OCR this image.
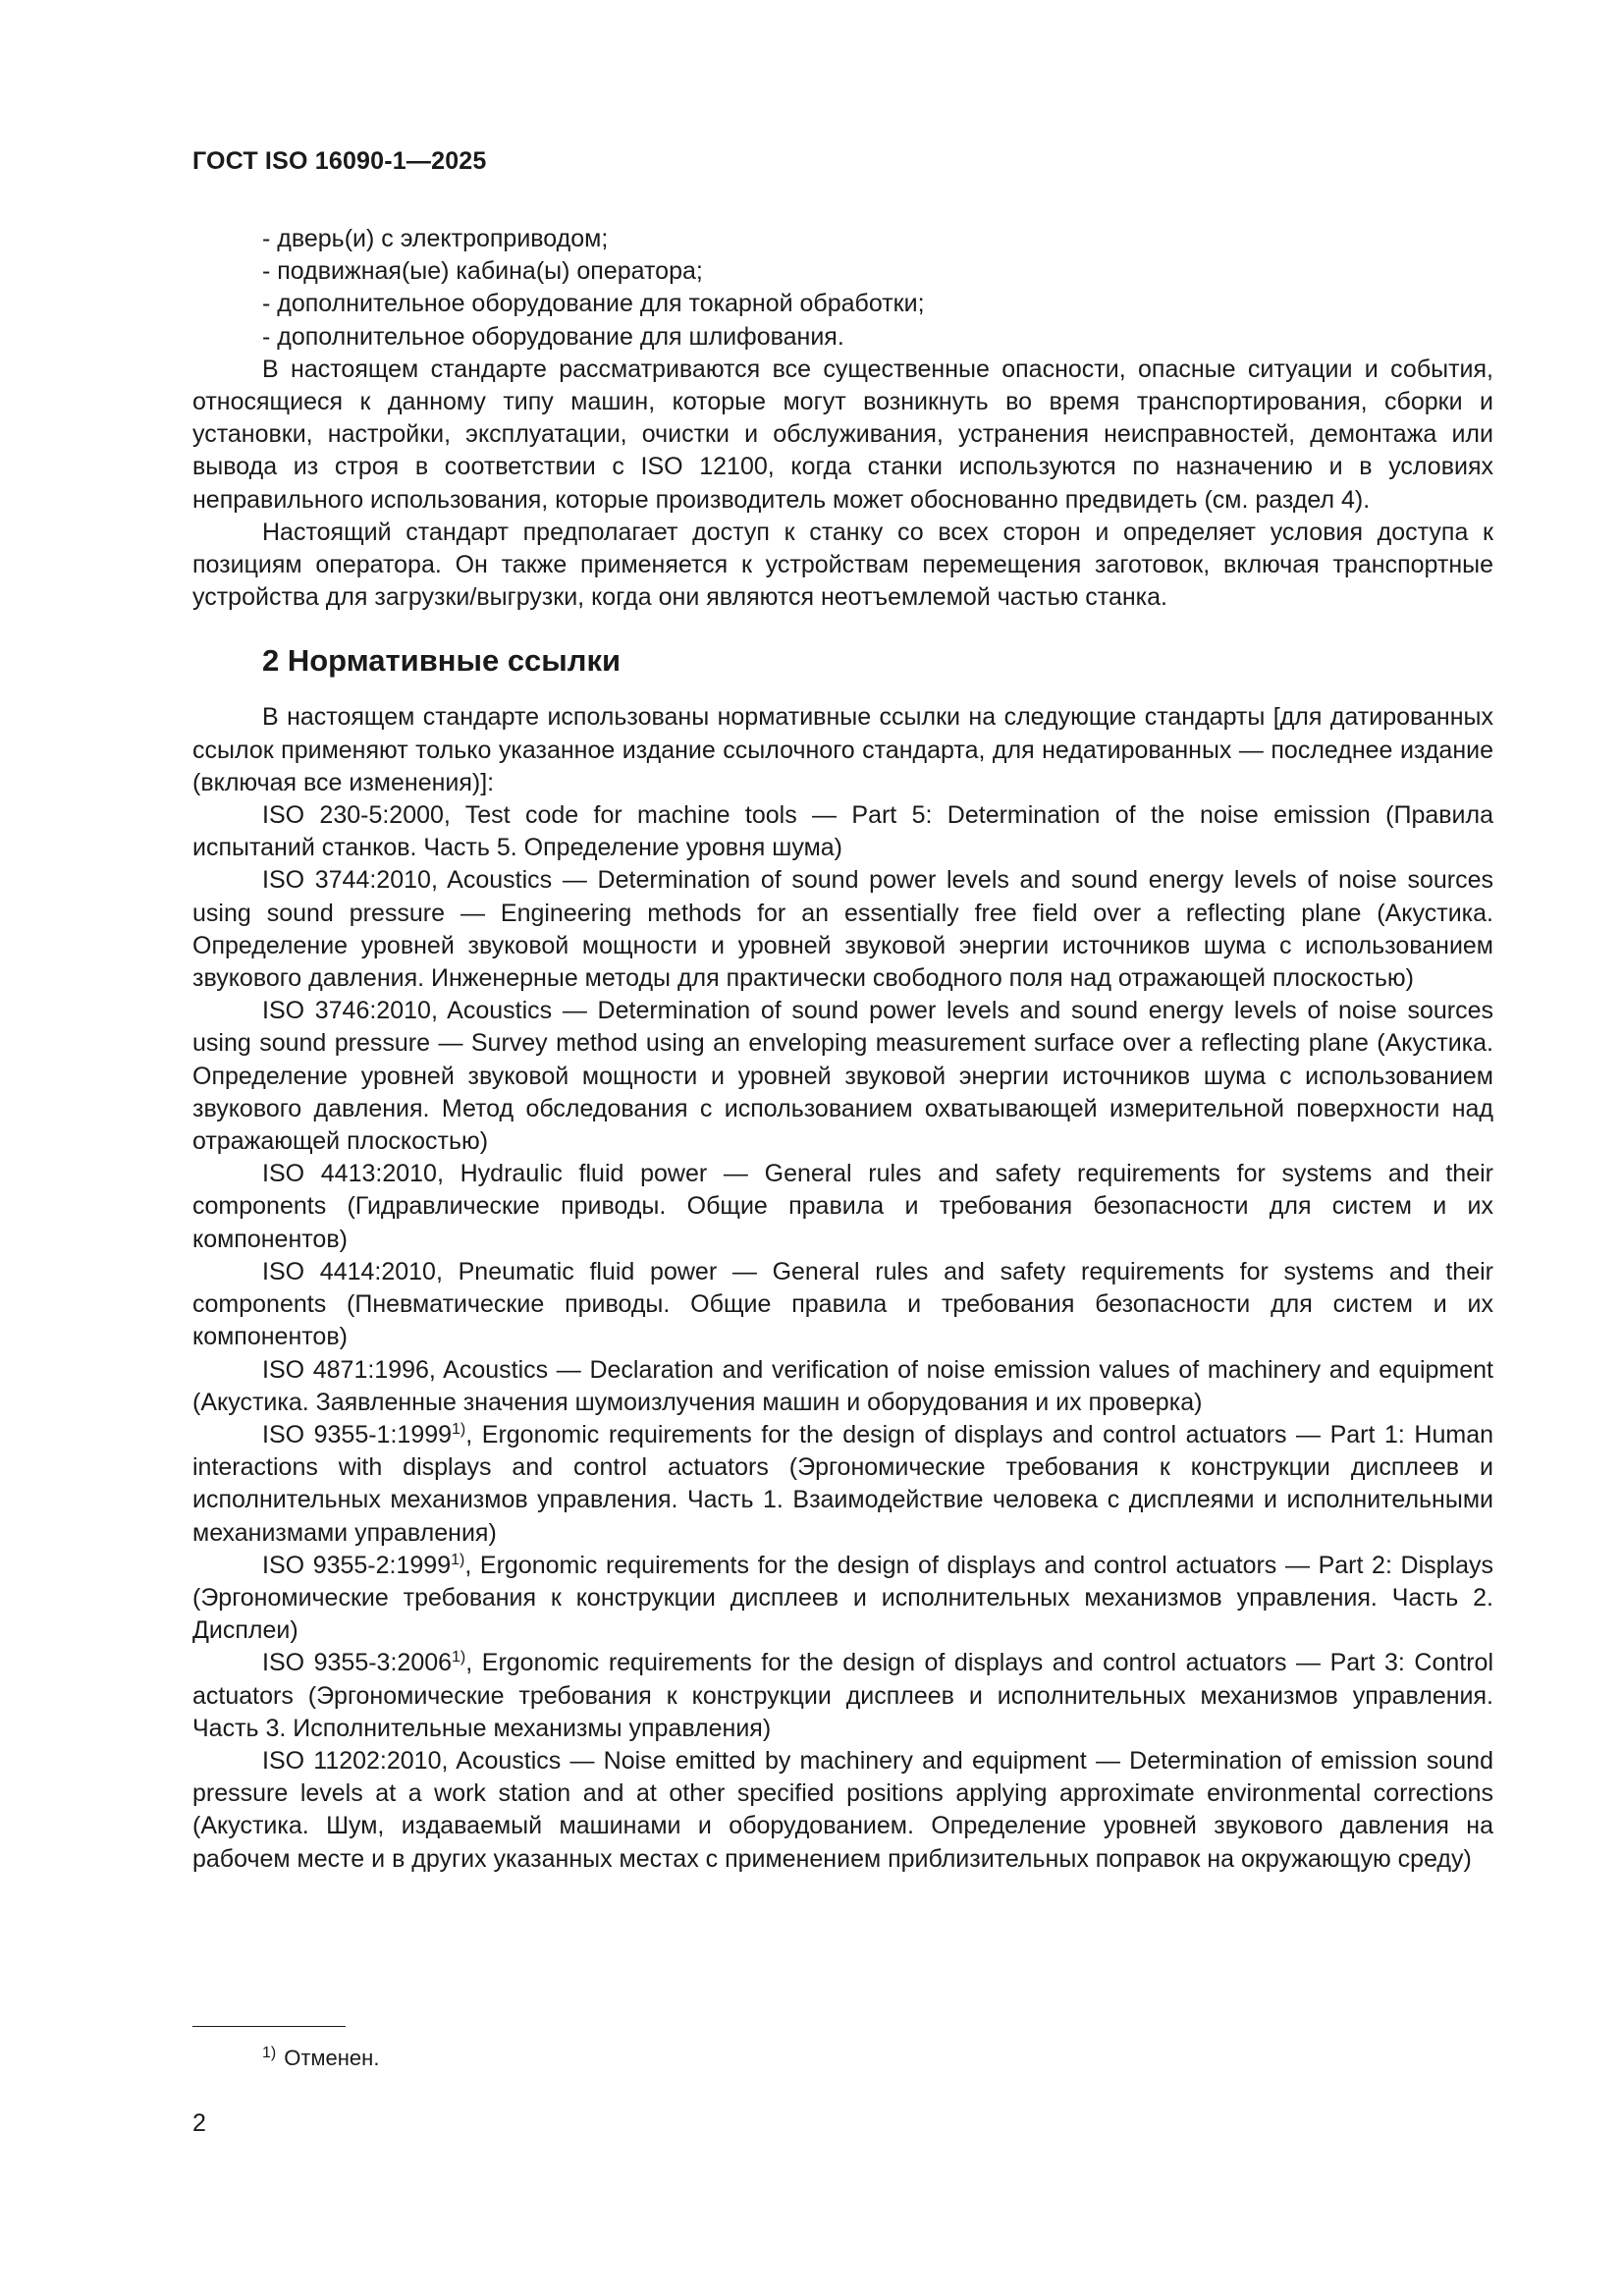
ГОСТ ISO 16090-1—2025

- дверь(и) с электроприводом;

- подвижная(ые) кабина(ы) оператора;

- дополнительное оборудование для токарной обработки;

- дополнительное оборудование для шлифования.

В настоящем стандарте рассматриваются все существенные опасности, опасные ситуации и события, относящиеся к данному типу машин, которые могут возникнуть во время транспортирования, сборки и установки, настройки, эксплуатации, очистки и обслуживания, устранения неисправностей, демонтажа или вывода из строя в соответствии с ISO 12100, когда станки используются по назначению и в условиях неправильного использования, которые производитель может обоснованно предвидеть (см. раздел 4).

Настоящий стандарт предполагает доступ к станку со всех сторон и определяет условия доступа к позициям оператора. Он также применяется к устройствам перемещения заготовок, включая транспортные устройства для загрузки/выгрузки, когда они являются неотъемлемой частью станка.

2 Нормативные ссылки

В настоящем стандарте использованы нормативные ссылки на следующие стандарты [для датированных ссылок применяют только указанное издание ссылочного стандарта, для недатированных — последнее издание (включая все изменения)]:

ISO 230-5:2000, Test code for machine tools — Part 5: Determination of the noise emission (Правила испытаний станков. Часть 5. Определение уровня шума)

ISO 3744:2010, Acoustics — Determination of sound power levels and sound energy levels of noise sources using sound pressure — Engineering methods for an essentially free field over a reflecting plane (Акустика. Определение уровней звуковой мощности и уровней звуковой энергии источников шума с использованием звукового давления. Инженерные методы для практически свободного поля над отражающей плоскостью)

ISO 3746:2010, Acoustics — Determination of sound power levels and sound energy levels of noise sources using sound pressure — Survey method using an enveloping measurement surface over a reflecting plane (Акустика. Определение уровней звуковой мощности и уровней звуковой энергии источников шума с использованием звукового давления. Метод обследования с использованием охватывающей измерительной поверхности над отражающей плоскостью)

ISO 4413:2010, Hydraulic fluid power — General rules and safety requirements for systems and their components (Гидравлические приводы. Общие правила и требования безопасности для систем и их компонентов)

ISO 4414:2010, Pneumatic fluid power — General rules and safety requirements for systems and their components (Пневматические приводы. Общие правила и требования безопасности для систем и их компонентов)

ISO 4871:1996, Acoustics — Declaration and verification of noise emission values of machinery and equipment (Акустика. Заявленные значения шумоизлучения машин и оборудования и их проверка)

ISO 9355-1:1999$^{1)}$, Ergonomic requirements for the design of displays and control actuators — Part 1: Human interactions with displays and control actuators (Эргономические требования к конструкции дисплеев и исполнительных механизмов управления. Часть 1. Взаимодействие человека с дисплеями и исполнительными механизмами управления)

ISO 9355-2:1999$^{1)}$, Ergonomic requirements for the design of displays and control actuators — Part 2: Displays (Эргономические требования к конструкции дисплеев и исполнительных механизмов управления. Часть 2. Дисплеи)

ISO 9355-3:2006$^{1)}$, Ergonomic requirements for the design of displays and control actuators — Part 3: Control actuators (Эргономические требования к конструкции дисплеев и исполнительных механизмов управления. Часть 3. Исполнительные механизмы управления)

ISO 11202:2010, Acoustics — Noise emitted by machinery and equipment — Determination of emission sound pressure levels at a work station and at other specified positions applying approximate environmental corrections (Акустика. Шум, издаваемый машинами и оборудованием. Определение уровней звукового давления на рабочем месте и в других указанных местах с применением приблизительных поправок на окружающую среду)

$^{1)}$ Отменен.
2
